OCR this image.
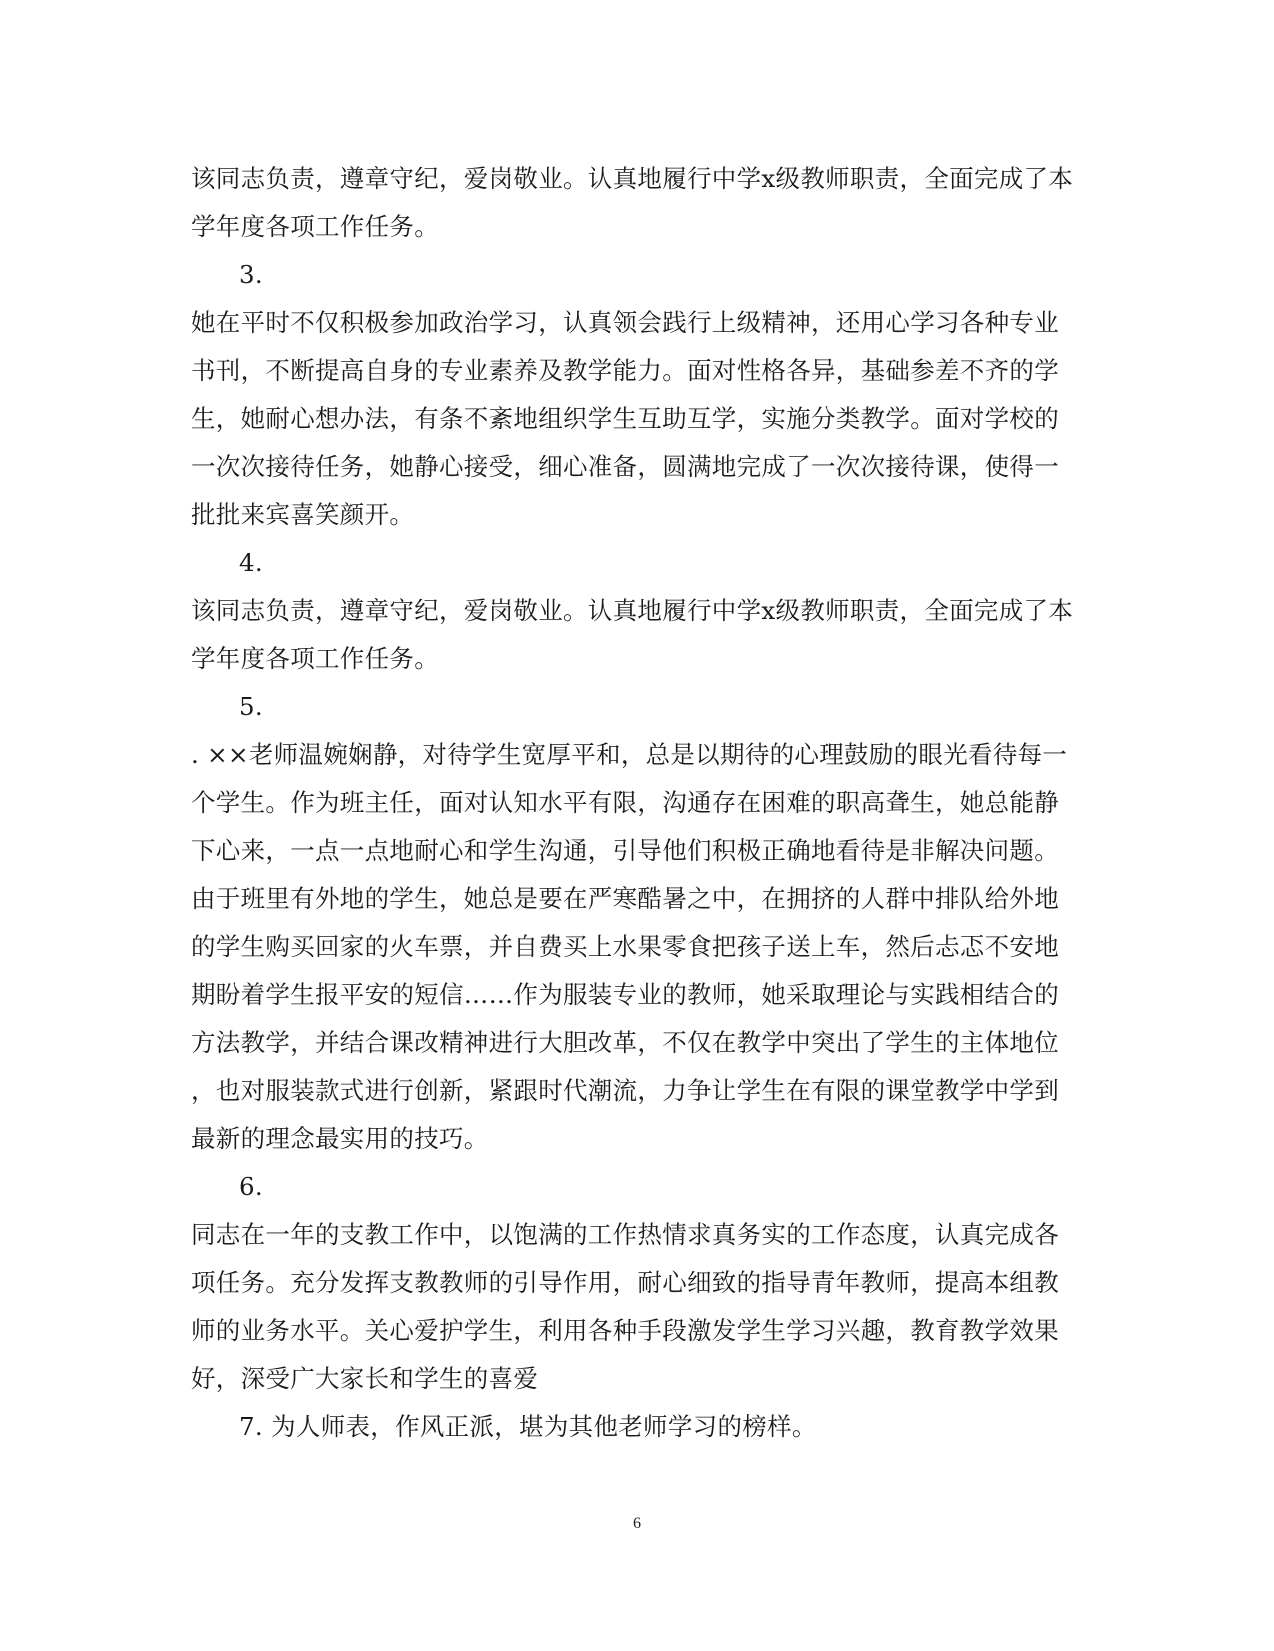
该同志负责，遵章守纪，爱岗敬业。认真地履行中学x级教师职责，全面完成了本
学年度各项工作任务。
3.
她在平时不仅积极参加政治学习，认真领会践行上级精神，还用心学习各种专业
书刊，不断提高自身的专业素养及教学能力。面对性格各异，基础参差不齐的学
生，她耐心想办法，有条不紊地组织学生互助互学，实施分类教学。面对学校的
一次次接待任务，她静心接受，细心准备，圆满地完成了一次次接待课，使得一
批批来宾喜笑颜开。
4.
该同志负责，遵章守纪，爱岗敬业。认真地履行中学x级教师职责，全面完成了本
学年度各项工作任务。
5.
. ××老师温婉娴静，对待学生宽厚平和，总是以期待的心理鼓励的眼光看待每一
个学生。作为班主任，面对认知水平有限，沟通存在困难的职高聋生，她总能静
下心来，一点一点地耐心和学生沟通，引导他们积极正确地看待是非解决问题。
由于班里有外地的学生，她总是要在严寒酷暑之中，在拥挤的人群中排队给外地
的学生购买回家的火车票，并自费买上水果零食把孩子送上车，然后忐忑不安地
期盼着学生报平安的短信……作为服装专业的教师，她采取理论与实践相结合的
方法教学，并结合课改精神进行大胆改革，不仅在教学中突出了学生的主体地位
，也对服装款式进行创新，紧跟时代潮流，力争让学生在有限的课堂教学中学到
最新的理念最实用的技巧。
6.
同志在一年的支教工作中，以饱满的工作热情求真务实的工作态度，认真完成各
项任务。充分发挥支教教师的引导作用，耐心细致的指导青年教师，提高本组教
师的业务水平。关心爱护学生，利用各种手段激发学生学习兴趣，教育教学效果
好，深受广大家长和学生的喜爱
7. 为人师表，作风正派，堪为其他老师学习的榜样。
6
